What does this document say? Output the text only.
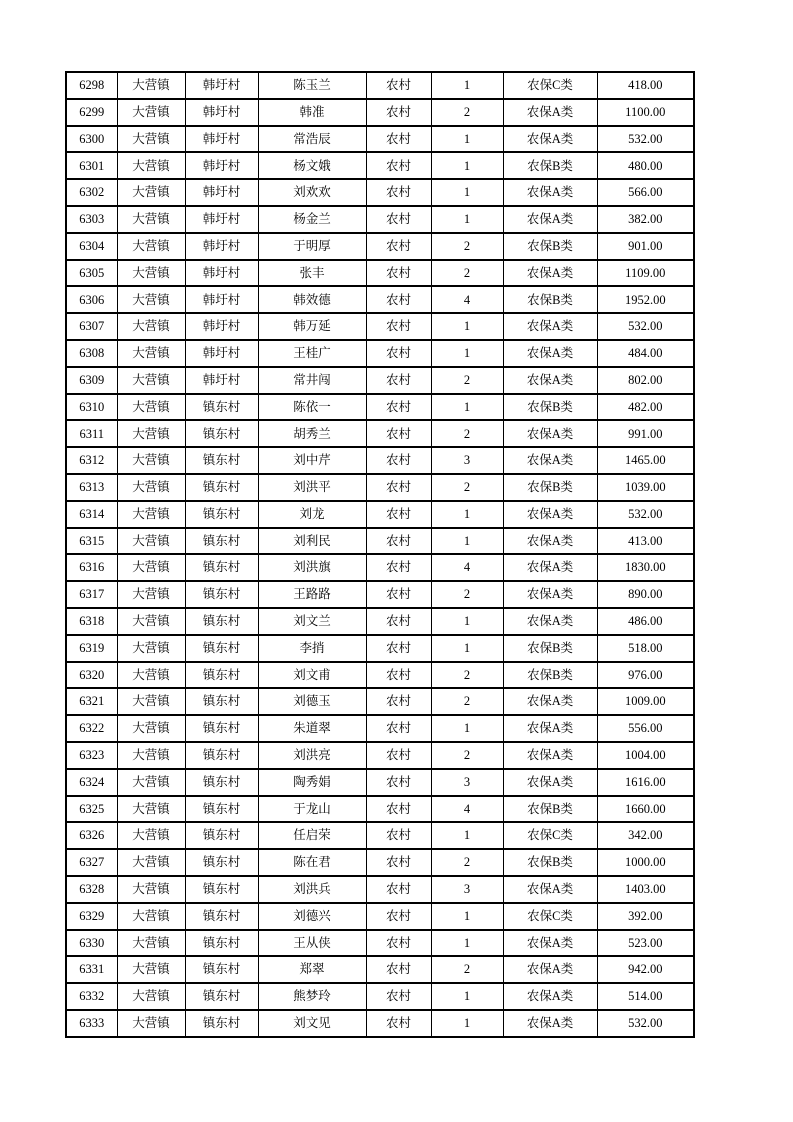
6298	大营镇	韩圩村	陈玉兰	农村	1	农保C类	418.00
6299	大营镇	韩圩村	韩准	农村	2	农保A类	1100.00
6300	大营镇	韩圩村	常浩辰	农村	1	农保A类	532.00
6301	大营镇	韩圩村	杨文娥	农村	1	农保B类	480.00
6302	大营镇	韩圩村	刘欢欢	农村	1	农保A类	566.00
6303	大营镇	韩圩村	杨金兰	农村	1	农保A类	382.00
6304	大营镇	韩圩村	于明厚	农村	2	农保B类	901.00
6305	大营镇	韩圩村	张丰	农村	2	农保A类	1109.00
6306	大营镇	韩圩村	韩效德	农村	4	农保B类	1952.00
6307	大营镇	韩圩村	韩万延	农村	1	农保A类	532.00
6308	大营镇	韩圩村	王桂广	农村	1	农保A类	484.00
6309	大营镇	韩圩村	常井闯	农村	2	农保A类	802.00
6310	大营镇	镇东村	陈依一	农村	1	农保B类	482.00
6311	大营镇	镇东村	胡秀兰	农村	2	农保A类	991.00
6312	大营镇	镇东村	刘中芹	农村	3	农保A类	1465.00
6313	大营镇	镇东村	刘洪平	农村	2	农保B类	1039.00
6314	大营镇	镇东村	刘龙	农村	1	农保A类	532.00
6315	大营镇	镇东村	刘利民	农村	1	农保A类	413.00
6316	大营镇	镇东村	刘洪旗	农村	4	农保A类	1830.00
6317	大营镇	镇东村	王路路	农村	2	农保A类	890.00
6318	大营镇	镇东村	刘文兰	农村	1	农保A类	486.00
6319	大营镇	镇东村	李捎	农村	1	农保B类	518.00
6320	大营镇	镇东村	刘文甫	农村	2	农保B类	976.00
6321	大营镇	镇东村	刘德玉	农村	2	农保A类	1009.00
6322	大营镇	镇东村	朱道翠	农村	1	农保A类	556.00
6323	大营镇	镇东村	刘洪亮	农村	2	农保A类	1004.00
6324	大营镇	镇东村	陶秀娟	农村	3	农保A类	1616.00
6325	大营镇	镇东村	于龙山	农村	4	农保B类	1660.00
6326	大营镇	镇东村	任启荣	农村	1	农保C类	342.00
6327	大营镇	镇东村	陈在君	农村	2	农保B类	1000.00
6328	大营镇	镇东村	刘洪兵	农村	3	农保A类	1403.00
6329	大营镇	镇东村	刘德兴	农村	1	农保C类	392.00
6330	大营镇	镇东村	王从侠	农村	1	农保A类	523.00
6331	大营镇	镇东村	郑翠	农村	2	农保A类	942.00
6332	大营镇	镇东村	熊梦玲	农村	1	农保A类	514.00
6333	大营镇	镇东村	刘文见	农村	1	农保A类	532.00
